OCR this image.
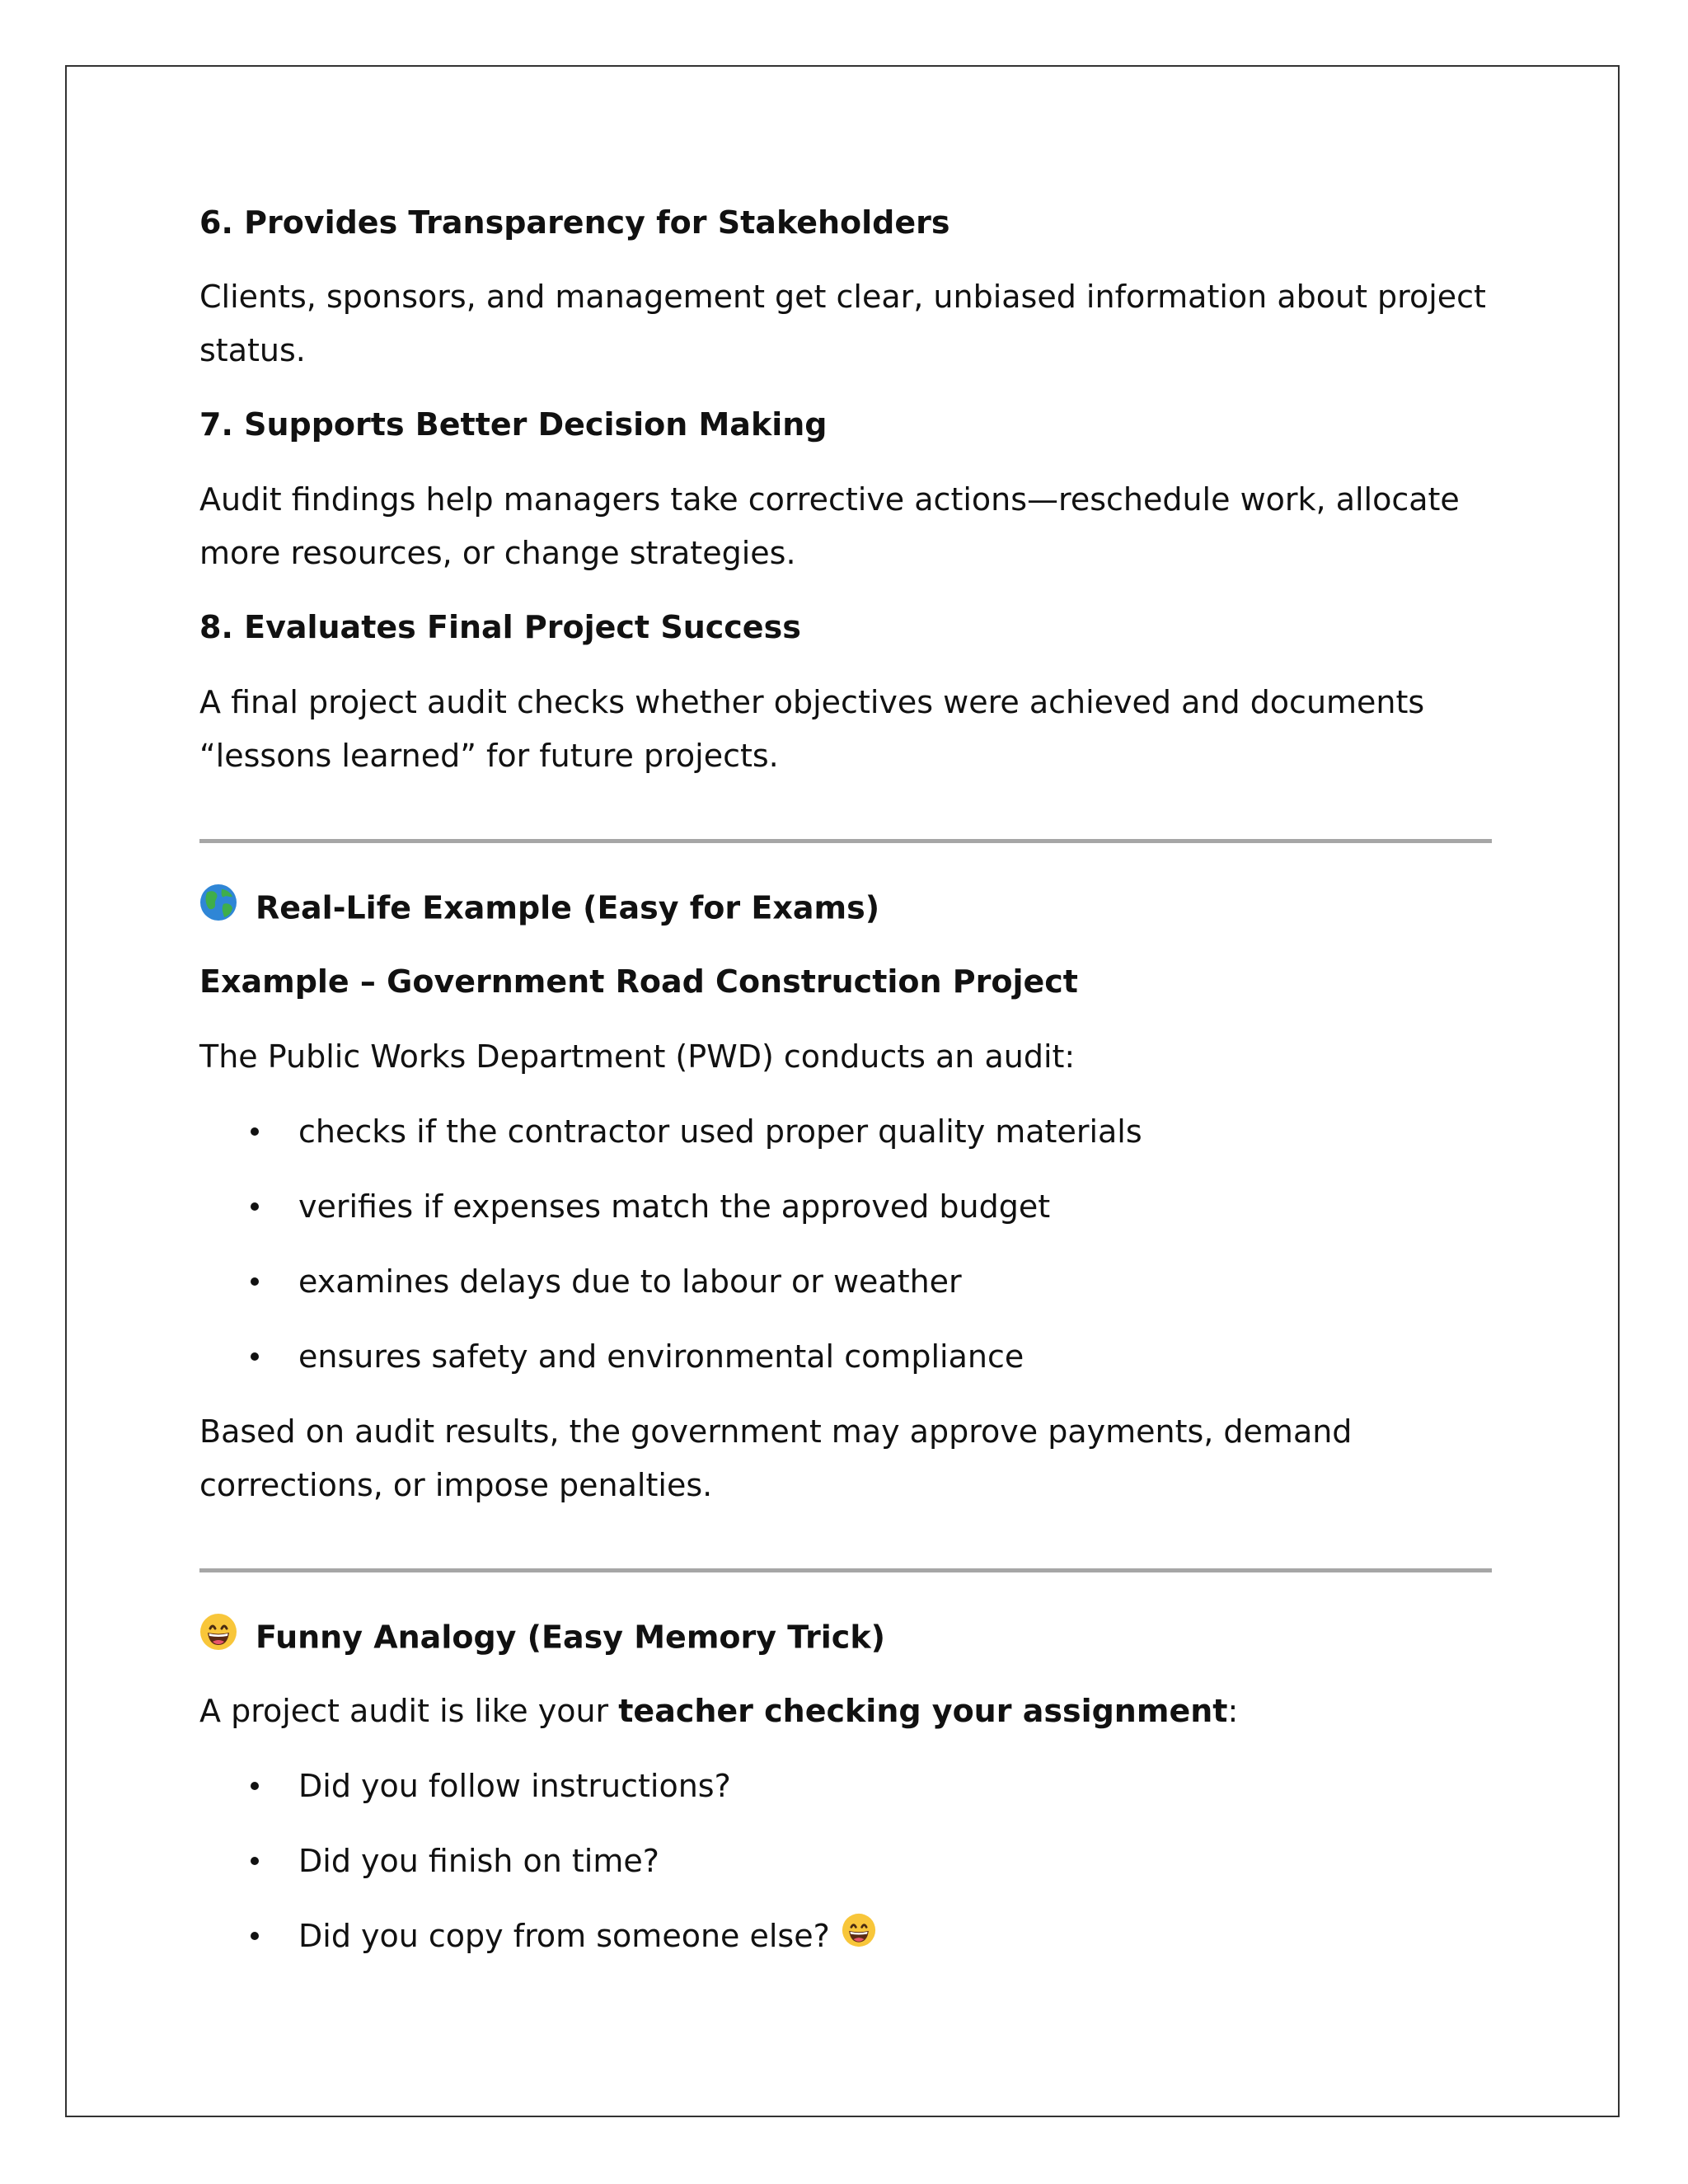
6. Provides Transparency for Stakeholders
Clients, sponsors, and management get clear, unbiased information about project status.
7. Supports Better Decision Making
Audit findings help managers take corrective actions—reschedule work, allocate more resources, or change strategies.
8. Evaluates Final Project Success
A final project audit checks whether objectives were achieved and documents “lessons learned” for future projects.
Real-Life Example (Easy for Exams)
Example – Government Road Construction Project
The Public Works Department (PWD) conducts an audit:
checks if the contractor used proper quality materials
verifies if expenses match the approved budget
examines delays due to labour or weather
ensures safety and environmental compliance
Based on audit results, the government may approve payments, demand corrections, or impose penalties.
Funny Analogy (Easy Memory Trick)
A project audit is like your teacher checking your assignment:
Did you follow instructions?
Did you finish on time?
Did you copy from someone else?
